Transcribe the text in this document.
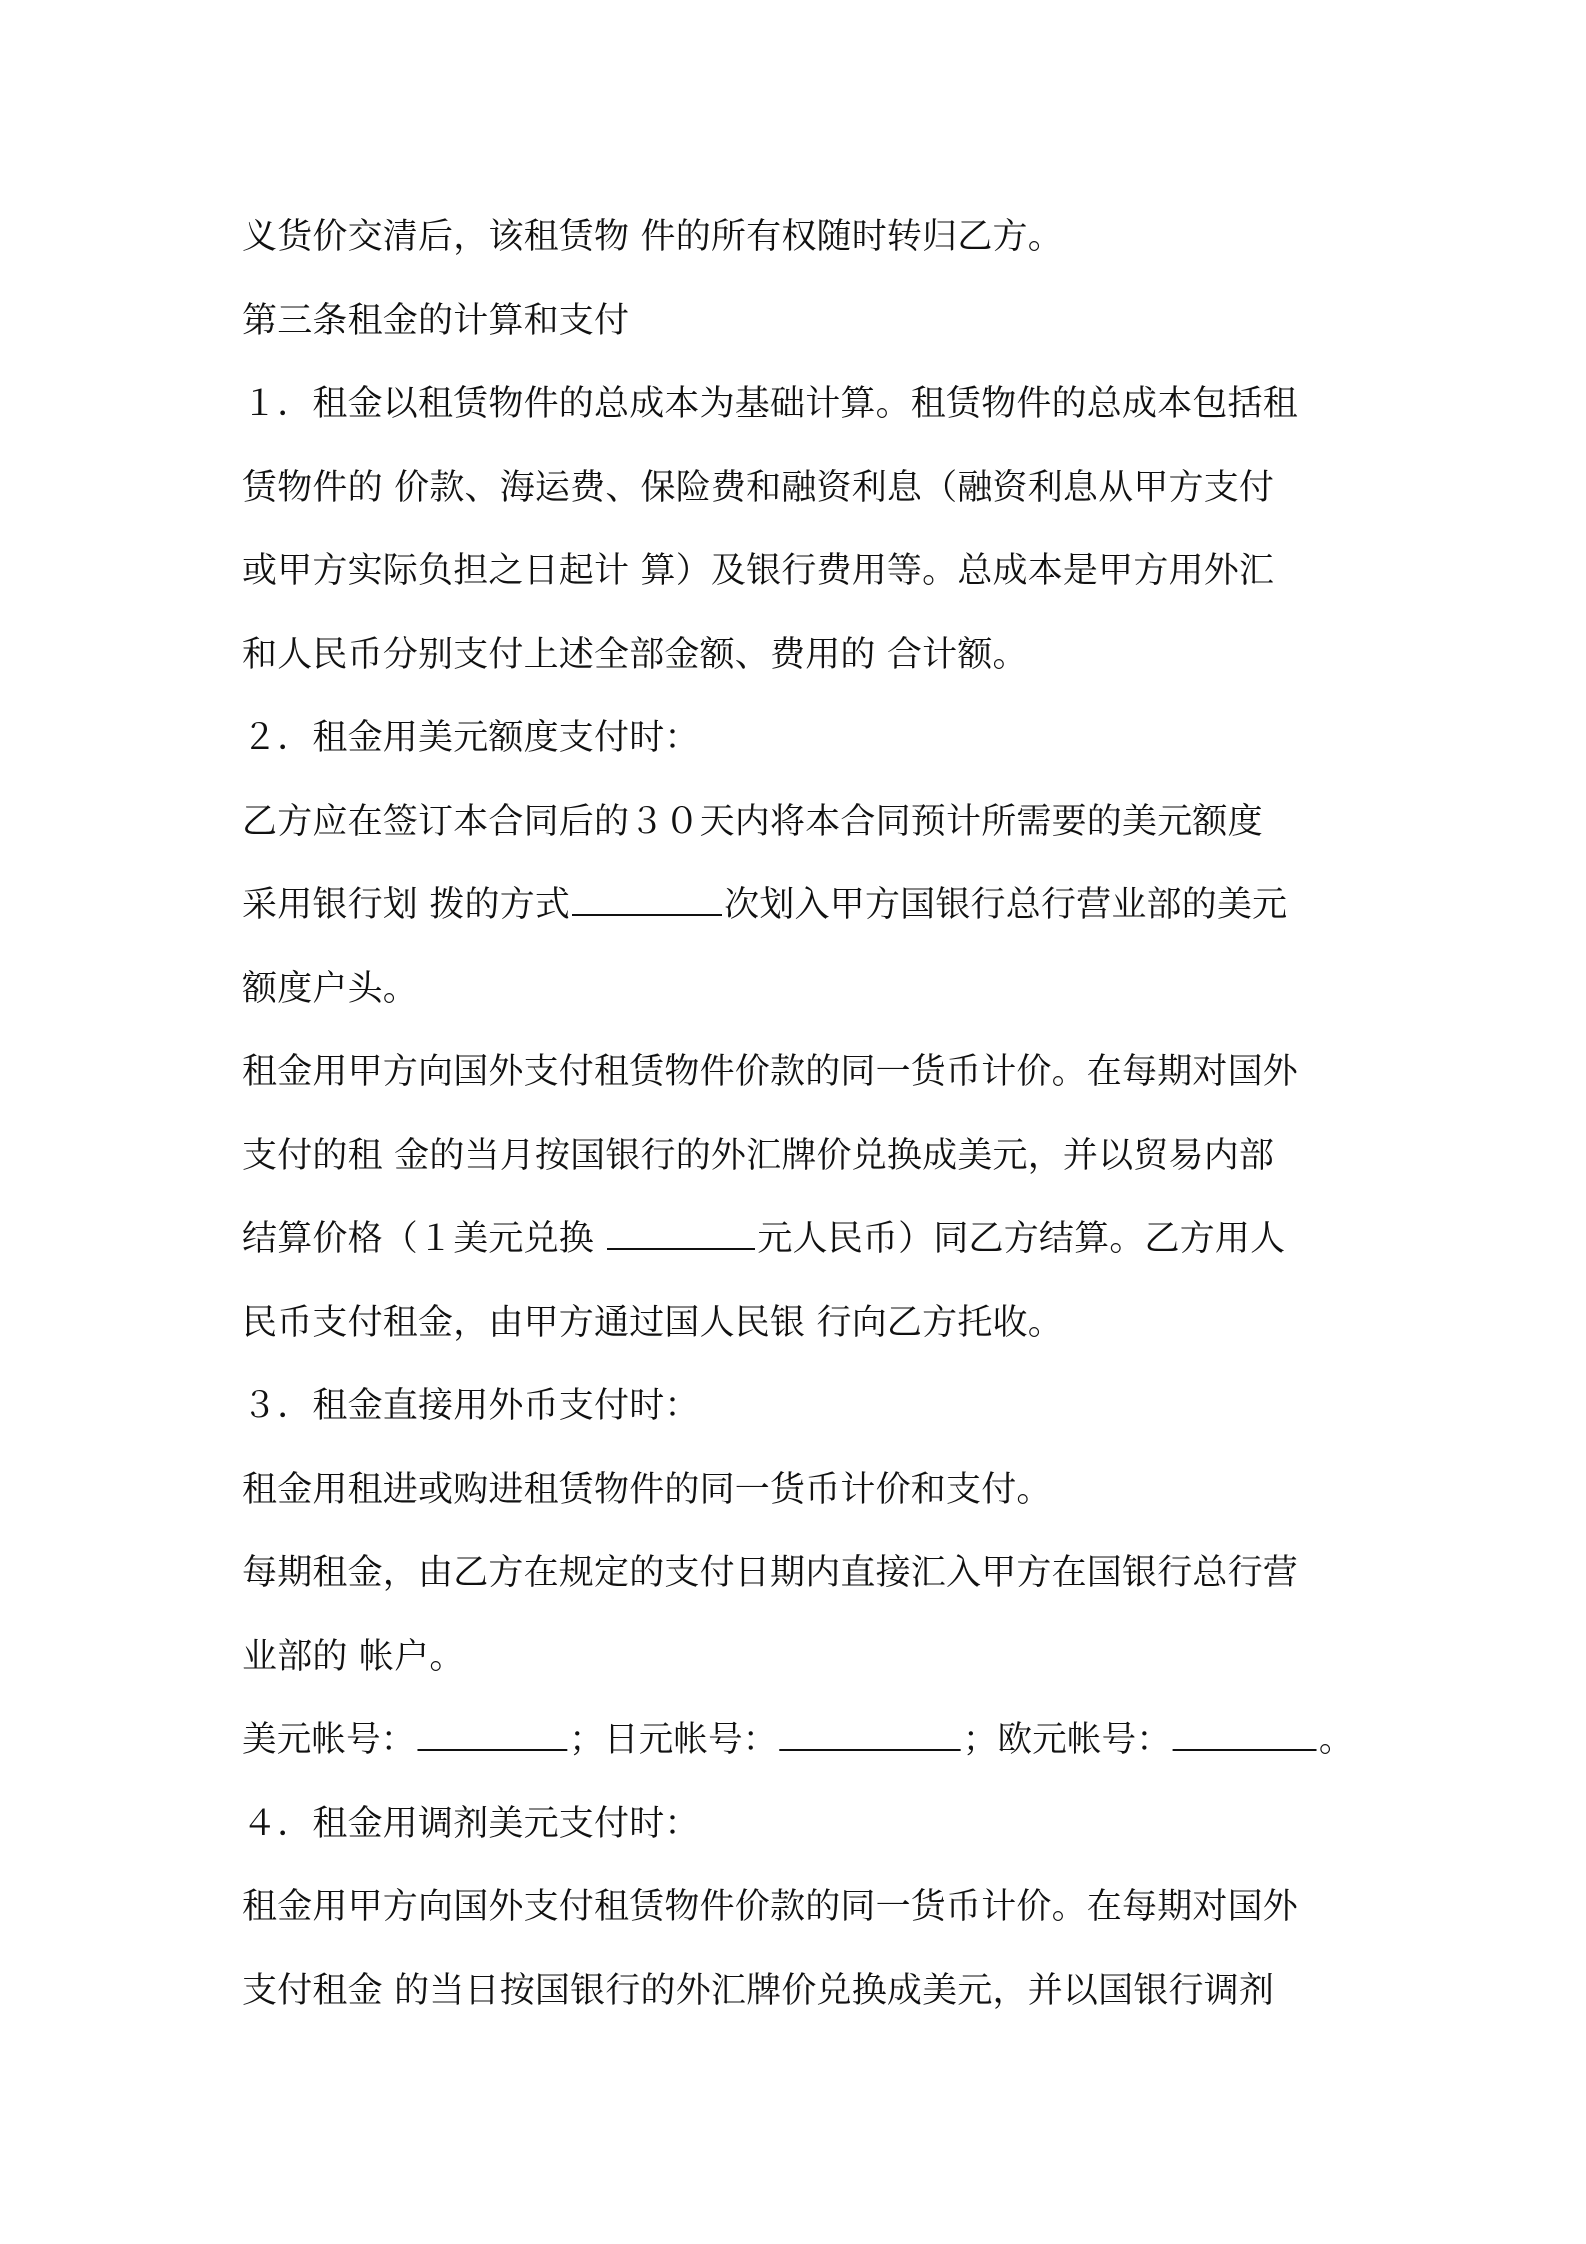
义货价交清后，该租赁物 件的所有权随时转归乙方。

第三条租金的计算和支付

１．租金以租赁物件的总成本为基础计算。租赁物件的总成本包括租

赁物件的 价款、海运费、保险费和融资利息（融资利息从甲方支付

或甲方实际负担之日起计 算）及银行费用等。总成本是甲方用外汇

和人民币分别支付上述全部金额、费用的 合计额。

２．租金用美元额度支付时：

乙方应在签订本合同后的３０天内将本合同预计所需要的美元额度

采用银行划 拨的方式	次划入甲方国银行总行营业部的美元

额度户头。

租金用甲方向国外支付租赁物件价款的同一货币计价。在每期对国外

支付的租 金的当月按国银行的外汇牌价兑换成美元，并以贸易内部

结算价格（１美元兑换	元人民币）同乙方结算。乙方用人

民币支付租金，由甲方通过国人民银 行向乙方托收。

３．租金直接用外币支付时：

租金用租进或购进租赁物件的同一货币计价和支付。

每期租金，由乙方在规定的支付日期内直接汇入甲方在国银行总行营

业部的 帐户。

美元帐号：	；日元帐号：	；欧元帐号：	。

４．租金用调剂美元支付时：

租金用甲方向国外支付租赁物件价款的同一货币计价。在每期对国外

支付租金 的当日按国银行的外汇牌价兑换成美元，并以国银行调剂
